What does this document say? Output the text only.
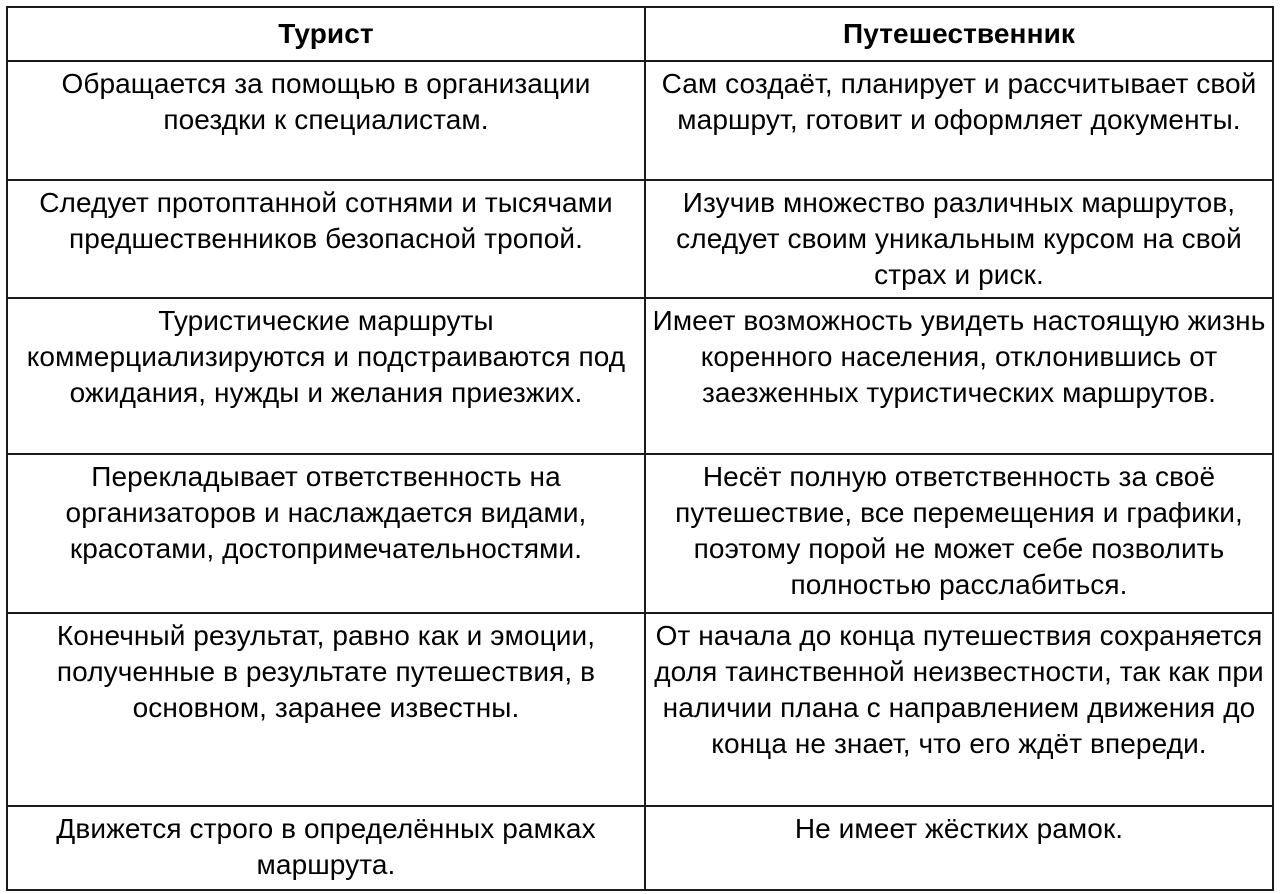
Турист	Путешественник
Обращается за помощью в организации поездки к специалистам.	Сам создаёт, планирует и рассчитывает свой маршрут, готовит и оформляет документы.
Следует протоптанной сотнями и тысячами предшественников безопасной тропой.	Изучив множество различных маршрутов, следует своим уникальным курсом на свой страх и риск.
Туристические маршруты коммерциализируются и подстраиваются под ожидания, нужды и желания приезжих.	Имеет возможность увидеть настоящую жизнь коренного населения, отклонившись от заезженных туристических маршрутов.
Перекладывает ответственность на организаторов и наслаждается видами, красотами, достопримечательностями.	Несёт полную ответственность за своё путешествие, все перемещения и графики, поэтому порой не может себе позволить полностью расслабиться.
Конечный результат, равно как и эмоции, полученные в результате путешествия, в основном, заранее известны.	От начала до конца путешествия сохраняется доля таинственной неизвестности, так как при наличии плана с направлением движения до конца не знает, что его ждёт впереди.
Движется строго в определённых рамках маршрута.	Не имеет жёстких рамок.
